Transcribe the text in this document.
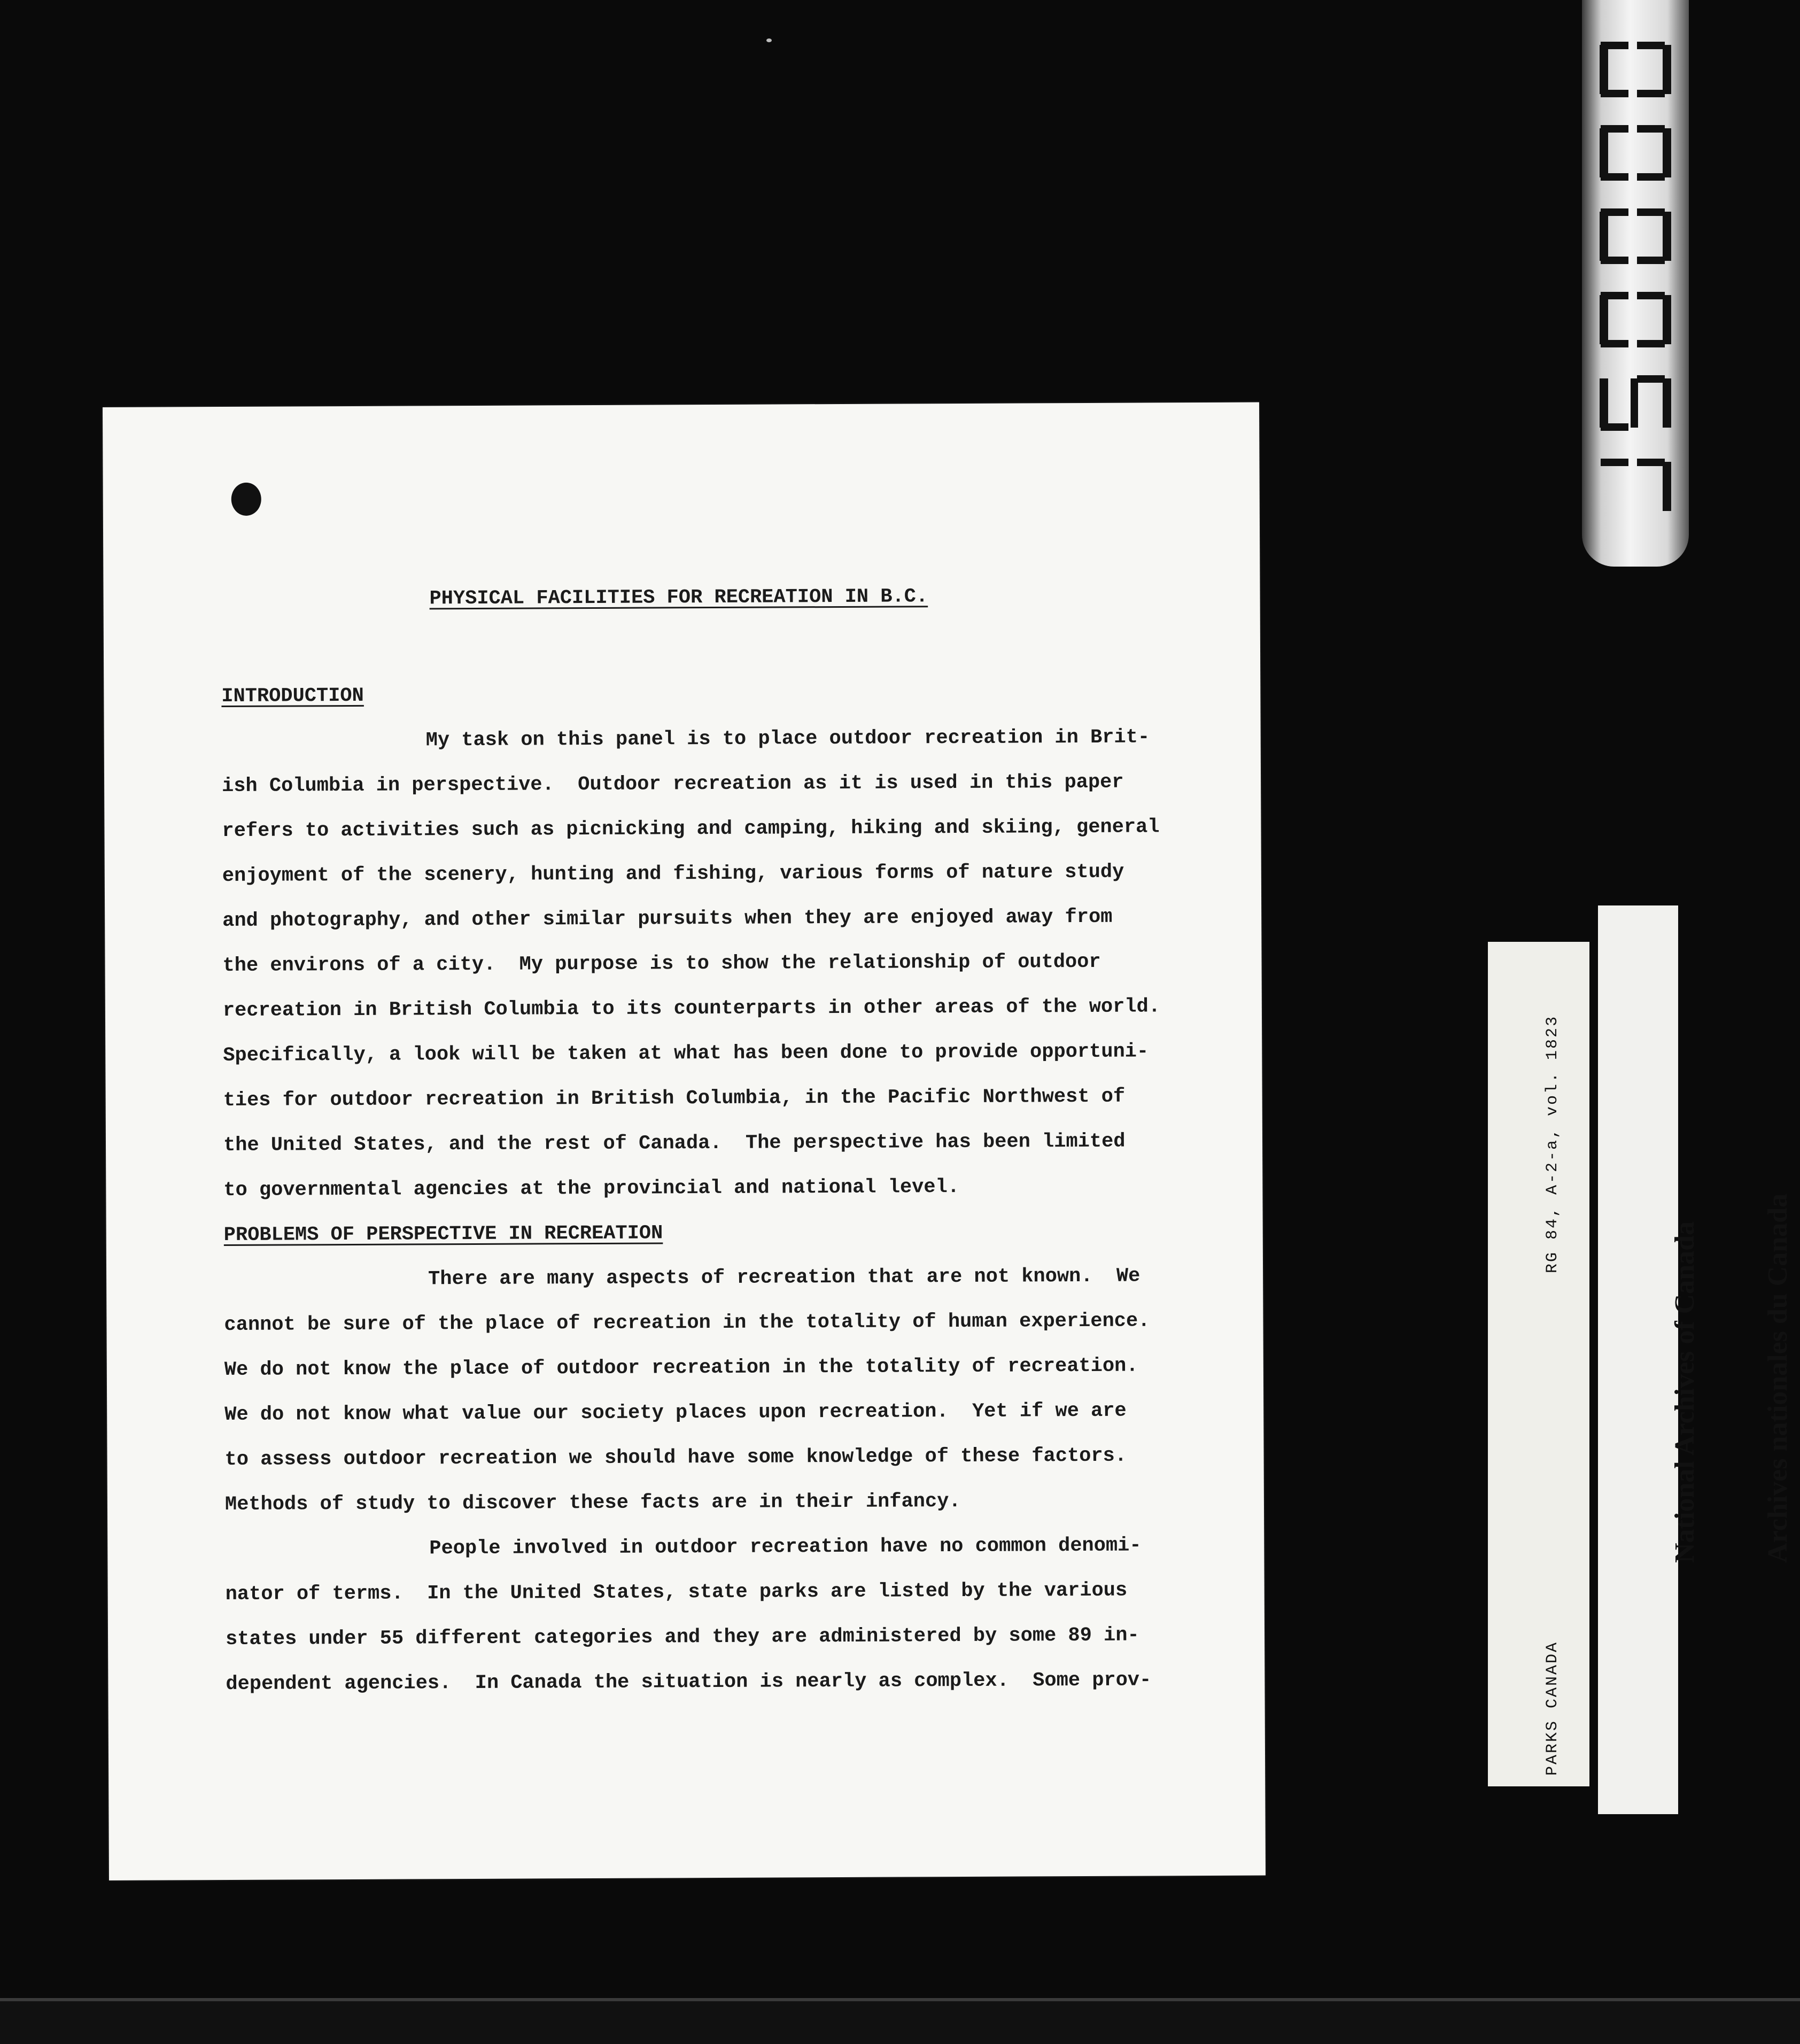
PHYSICAL FACILITIES FOR RECREATION IN B.C.
INTRODUCTION
My task on this panel is to place outdoor recreation in Brit-
ish Columbia in perspective.  Outdoor recreation as it is used in this paper
refers to activities such as picnicking and camping, hiking and skiing, general
enjoyment of the scenery, hunting and fishing, various forms of nature study
and photography, and other similar pursuits when they are enjoyed away from
the environs of a city.  My purpose is to show the relationship of outdoor
recreation in British Columbia to its counterparts in other areas of the world.
Specifically, a look will be taken at what has been done to provide opportuni-
ties for outdoor recreation in British Columbia, in the Pacific Northwest of
the United States, and the rest of Canada.  The perspective has been limited
to governmental agencies at the provincial and national level.
PROBLEMS OF PERSPECTIVE IN RECREATION
There are many aspects of recreation that are not known.  We
cannot be sure of the place of recreation in the totality of human experience.
We do not know the place of outdoor recreation in the totality of recreation.
We do not know what value our society places upon recreation.  Yet if we are
to assess outdoor recreation we should have some knowledge of these factors.
Methods of study to discover these facts are in their infancy.
People involved in outdoor recreation have no common denomi-
nator of terms.  In the United States, state parks are listed by the various
states under 55 different categories and they are administered by some 89 in-
dependent agencies.  In Canada the situation is nearly as complex.  Some prov-

	PARKS CANADA

RG 84, A-2-a, vol. 1823

National Archives of Canada

Archives nationales du Canada
